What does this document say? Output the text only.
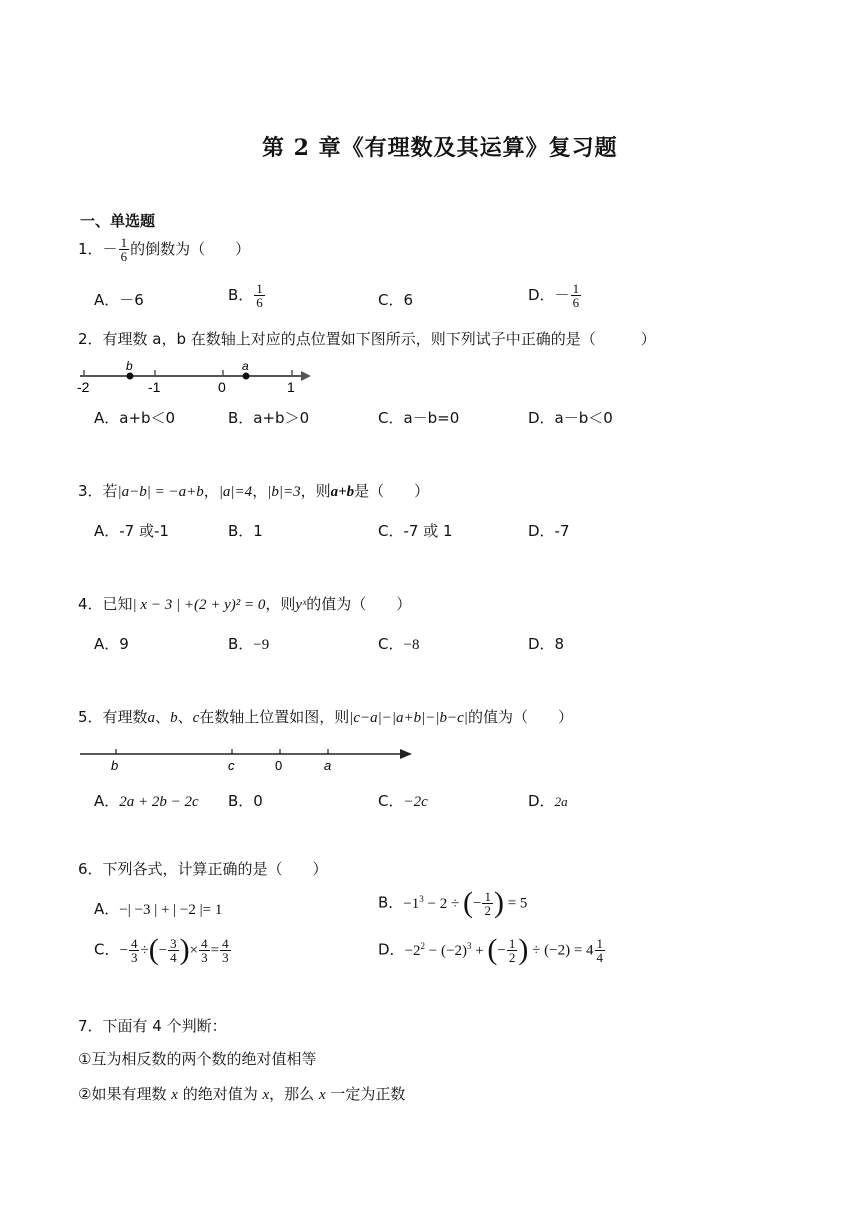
第 2 章《有理数及其运算》复习题
一、单选题
1．－ $\frac{1}{6}$ 的倒数为（　　）
A．－6	B． $\frac{1}{6}$	C．6	D．－ $\frac{1}{6}$
2．有理数 a，b 在数轴上对应的点位置如下图所示，则下列试子中正确的是（　　　）
b	a
-2	-1	0	1
A．a+b＜0	B．a+b＞0	C．a－b=0	D．a－b＜0
3．若|a−b| = −a+b，|a|=4，|b|=3，则a+b是（　　）
A．-7 或-1	B．1	C．-7 或 1	D．-7
4．已知| x − 3 | +(2 + y)² = 0，则yˣ的值为（　　）
A．9	B．−9	C．−8	D．8
5．有理数a、b、c在数轴上位置如图，则|c−a|−|a+b|−|b−c|的值为（　　）
b	c	0	a
A．2a + 2b − 2c B．0	C．−2c	D．2a
6．下列各式，计算正确的是（　　）
A．−| −3 | + | −2 |= 1	B．$-1^3 - 2$ ÷ (− $\frac{1}{2}$ ) = 5
C．− $\frac{4}{3}$ ÷(− $\frac{3}{4}$ )× $\frac{4}{3} = \frac{4}{3}$	D．$-2^2 - (-2)^3$ + (− $\frac{1}{2}$ ) ÷ $(-2) = 4 \frac{1}{4}$
7．下面有 4 个判断：
①互为相反数的两个数的绝对值相等
②如果有理数 x 的绝对值为 x，那么 x 一定为正数
